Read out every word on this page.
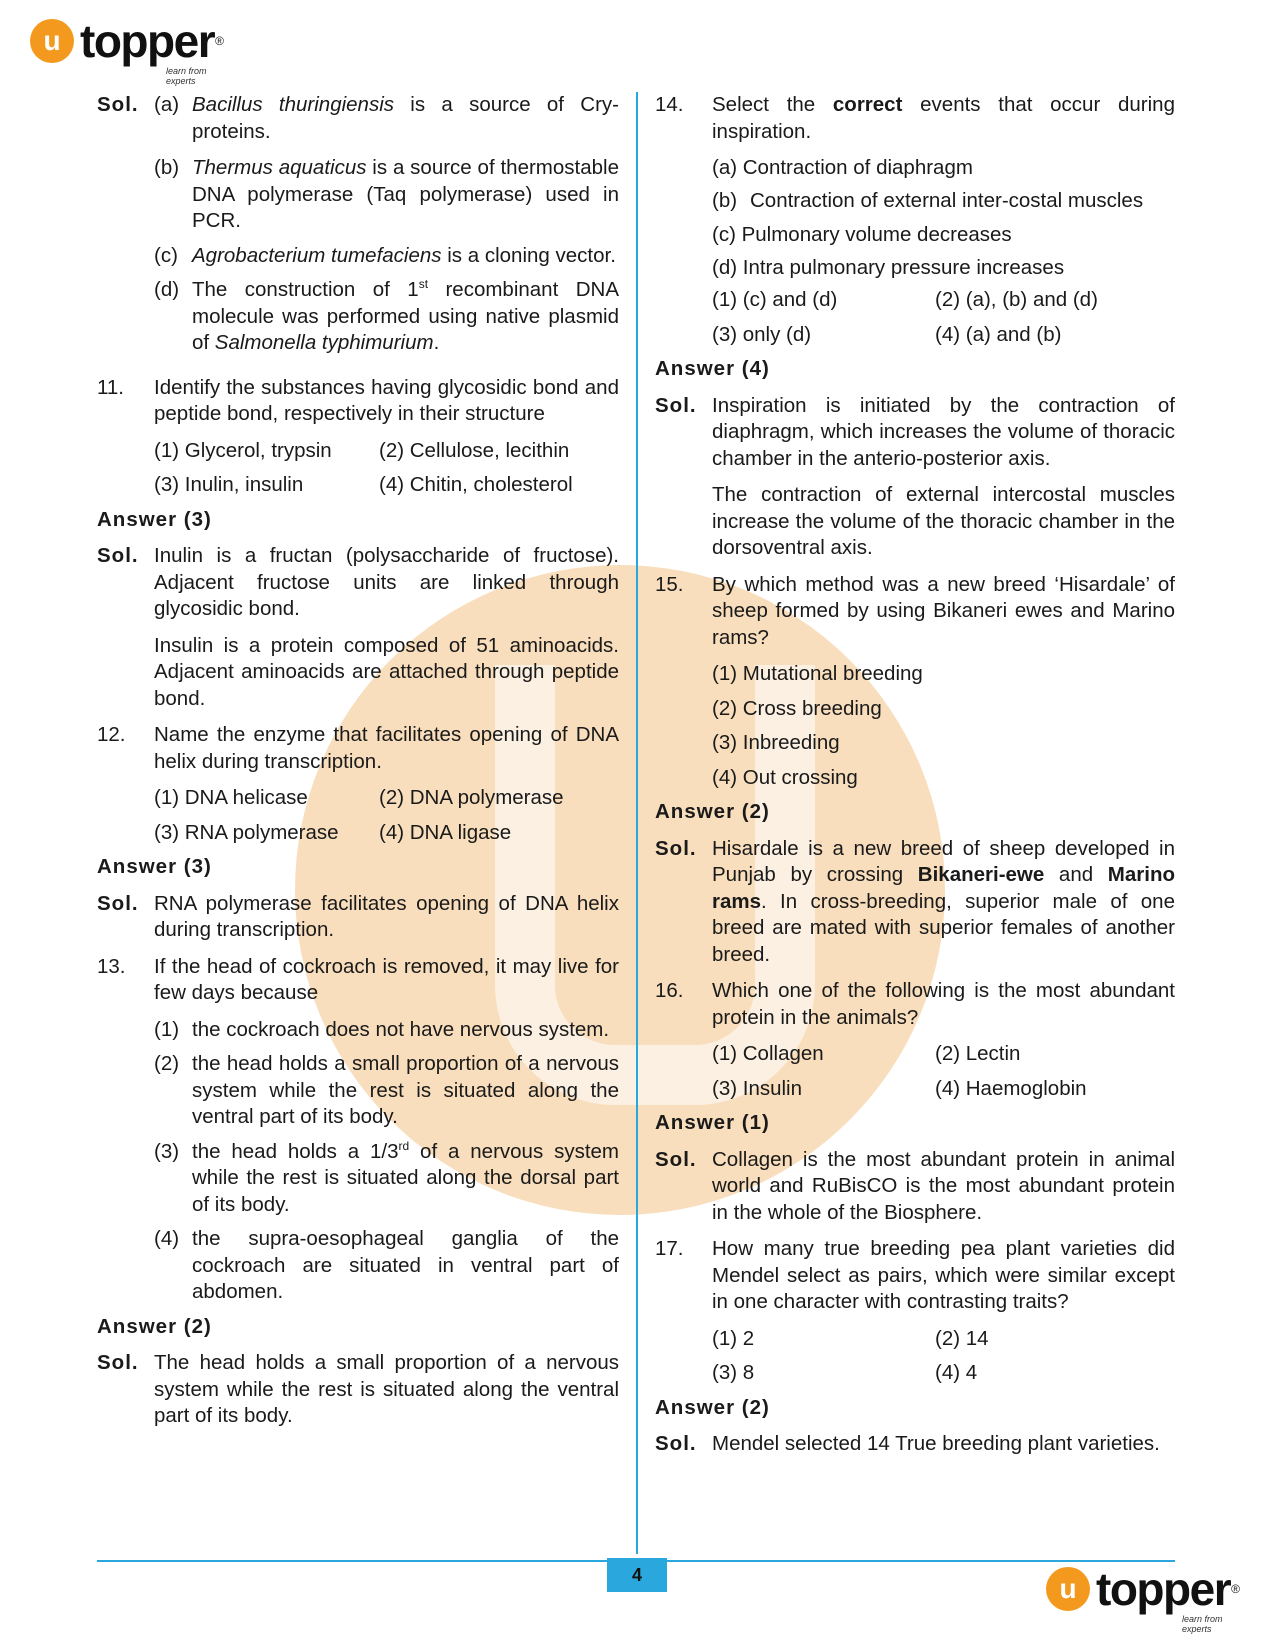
u topper ®
learn from experts
Sol. (a) Bacillus thuringiensis is a source of Cry-proteins.
(b) Thermus aquaticus is a source of thermostable DNA polymerase (Taq polymerase) used in PCR.
(c) Agrobacterium tumefaciens is a cloning vector.
(d) The construction of 1st recombinant DNA molecule was performed using native plasmid of Salmonella typhimurium.
11.	Identify the substances having glycosidic bond and peptide bond, respectively in their structure
(1) Glycerol, trypsin	(2) Cellulose, lecithin
(3) Inulin, insulin	(4) Chitin, cholesterol
Answer (3)
Sol. Inulin is a fructan (polysaccharide of fructose). Adjacent fructose units are linked through glycosidic bond.
Insulin is a protein composed of 51 aminoacids. Adjacent aminoacids are attached through peptide bond.
12.	Name the enzyme that facilitates opening of DNA helix during transcription.
(1) DNA helicase	(2) DNA polymerase
(3) RNA polymerase	(4) DNA ligase
Answer (3)
Sol. RNA polymerase facilitates opening of DNA helix during transcription.
13.	If the head of cockroach is removed, it may live for few days because
(1) the cockroach does not have nervous system.
(2) the head holds a small proportion of a nervous system while the rest is situated along the ventral part of its body.
(3) the head holds a 1/3rd of a nervous system while the rest is situated along the dorsal part of its body.
(4) the supra-oesophageal ganglia of the cockroach are situated in ventral part of abdomen.
Answer (2)
Sol. The head holds a small proportion of a nervous system while the rest is situated along the ventral part of its body.
14.	Select the correct events that occur during inspiration.
(a) Contraction of diaphragm
(b) Contraction of external inter-costal muscles
(c) Pulmonary volume decreases
(d) Intra pulmonary pressure increases
(1) (c) and (d)	(2) (a), (b) and (d)
(3) only (d)	(4) (a) and (b)
Answer (4)
Sol. Inspiration is initiated by the contraction of diaphragm, which increases the volume of thoracic chamber in the anterio-posterior axis.
The contraction of external intercostal muscles increase the volume of the thoracic chamber in the dorsoventral axis.
15.	By which method was a new breed ‘Hisardale’ of sheep formed by using Bikaneri ewes and Marino rams?
(1) Mutational breeding
(2) Cross breeding
(3) Inbreeding
(4) Out crossing
Answer (2)
Sol. Hisardale is a new breed of sheep developed in Punjab by crossing Bikaneri-ewe and Marino rams. In cross-breeding, superior male of one breed are mated with superior females of another breed.
16.	Which one of the following is the most abundant protein in the animals?
(1) Collagen	(2) Lectin
(3) Insulin	(4) Haemoglobin
Answer (1)
Sol. Collagen is the most abundant protein in animal world and RuBisCO is the most abundant protein in the whole of the Biosphere.
17.	How many true breeding pea plant varieties did Mendel select as pairs, which were similar except in one character with contrasting traits?
(1) 2	(2) 14
(3) 8	(4) 4
Answer (2)
Sol. Mendel selected 14 True breeding plant varieties.
4	u topper ®
learn from experts
